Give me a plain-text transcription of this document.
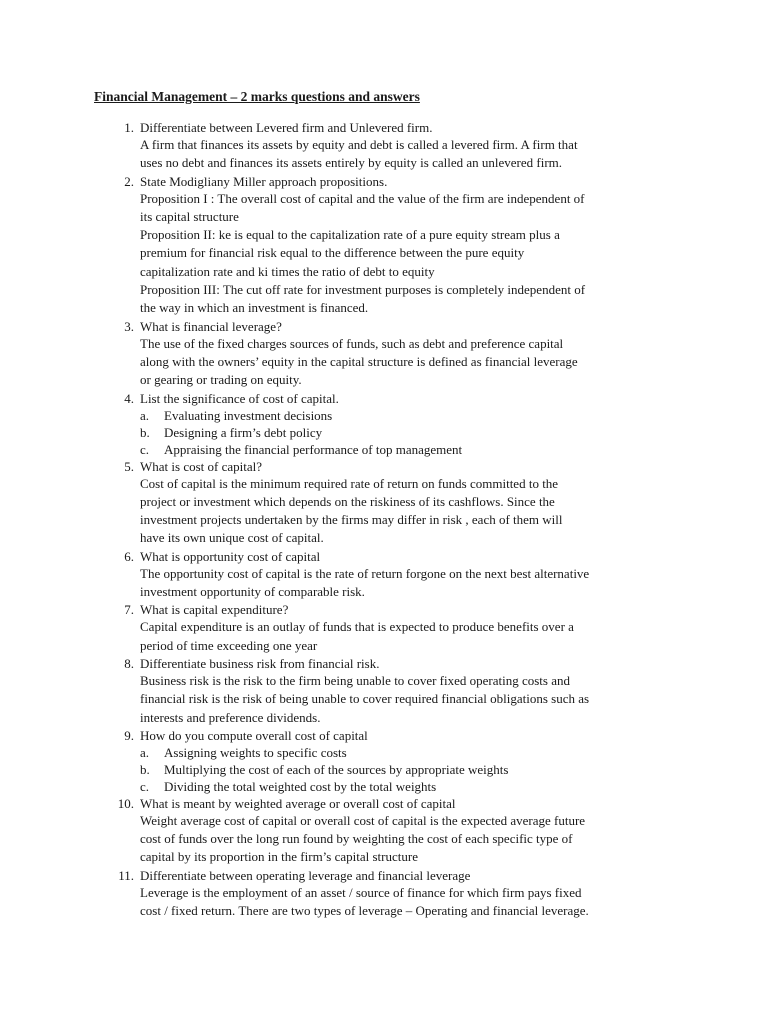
Financial Management – 2 marks questions and answers
1. Differentiate between Levered firm and Unlevered firm.
A firm that finances its assets by equity and debt is called a levered firm. A firm that
uses no debt and finances its assets entirely by equity is called an unlevered firm.
2. State Modigliany Miller approach propositions.
Proposition I : The overall cost of capital and the value of the firm are independent of
its capital structure
Proposition II: ke is equal to the capitalization rate of a pure equity stream plus a
premium for financial risk equal to the difference between the pure equity
capitalization rate and ki times the ratio of debt to equity
Proposition III: The cut off rate for investment purposes is completely independent of
the way in which an investment is financed.
3. What is financial leverage?
The use of the fixed charges sources of funds, such as debt and preference capital
along with the owners’ equity in the capital structure is defined as financial leverage
or gearing or trading on equity.
4. List the significance of cost of capital.
a. Evaluating investment decisions
b. Designing a firm’s debt policy
c. Appraising the financial performance of top management
5. What is cost of capital?
Cost of capital is the minimum required rate of return on funds committed to the
project or investment which depends on the riskiness of its cashflows. Since the
investment projects undertaken by the firms may differ in risk , each of them will
have its own unique cost of capital.
6. What is opportunity cost of capital
The opportunity cost of capital is the rate of return forgone on the next best alternative
investment opportunity of comparable risk.
7. What is capital expenditure?
Capital expenditure is an outlay of funds that is expected to produce benefits over a
period of time exceeding one year
8. Differentiate business risk from financial risk.
Business risk is the risk to the firm being unable to cover fixed operating costs and
financial risk is the risk of being unable to cover required financial obligations such as
interests and preference dividends.
9. How do you compute overall cost of capital
a. Assigning weights to specific costs
b. Multiplying the cost of each of the sources by appropriate weights
c. Dividing the total weighted cost by the total weights
10. What is meant by weighted average or overall cost of capital
Weight average cost of capital or overall cost of capital is the expected average future
cost of funds over the long run found by weighting the cost of each specific type of
capital by its proportion in the firm’s capital structure
11. Differentiate between operating leverage and financial leverage
Leverage is the employment of an asset / source of finance for which firm pays fixed
cost / fixed return. There are two types of leverage – Operating and financial leverage.
